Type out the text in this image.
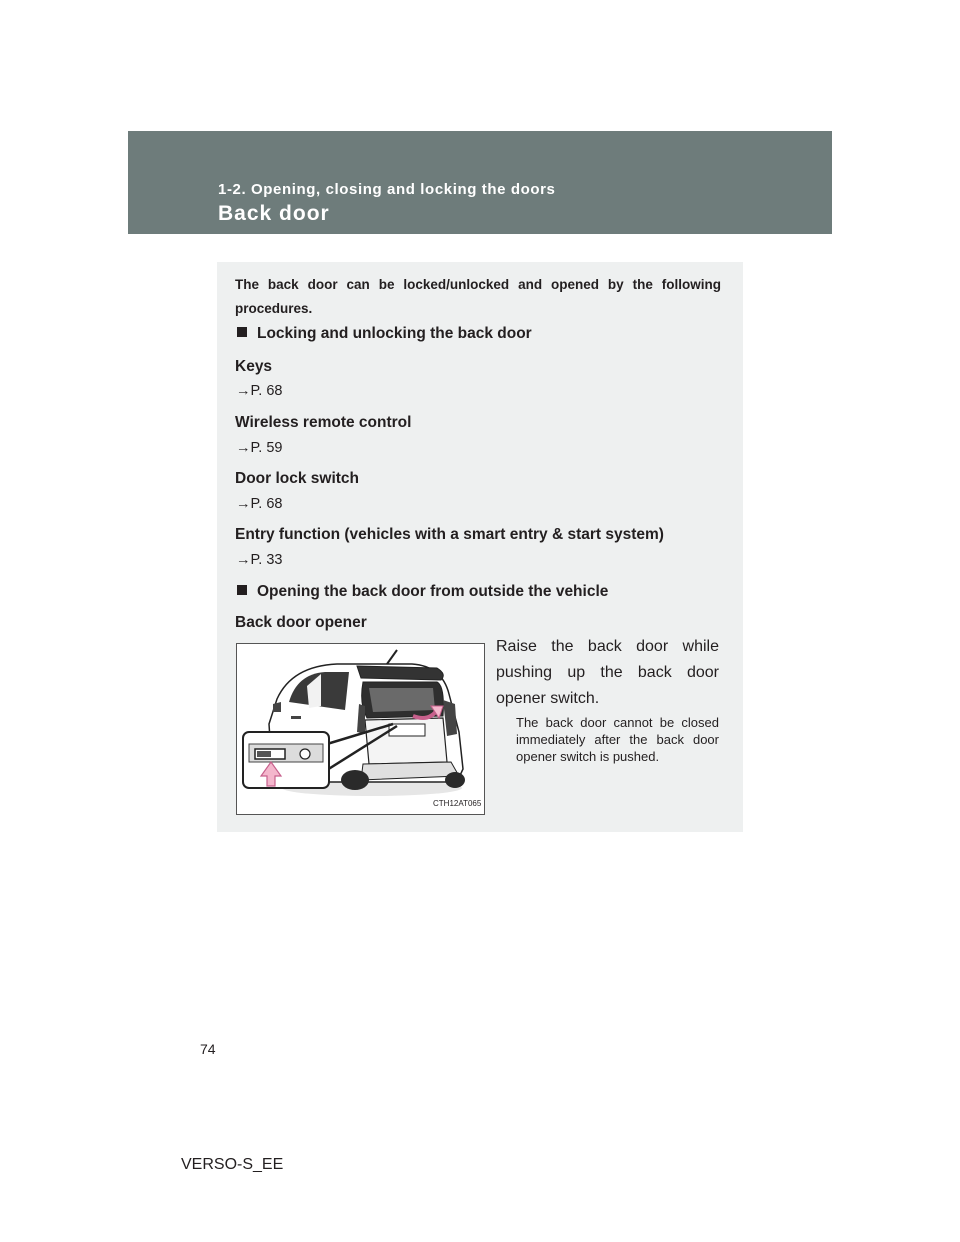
1-2. Opening, closing and locking the doors
Back door

The back door can be locked/unlocked and opened by the following procedures.

Locking and unlocking the back door
Keys
→P. 68
Wireless remote control
→P. 59
Door lock switch
→P. 68
Entry function (vehicles with a smart entry & start system)
→P. 33
Opening the back door from outside the vehicle
Back door opener
CTH12AT065

Raise the back door while pushing up the back door opener switch.

The back door cannot be closed immediately after the back door opener switch is pushed.

74
VERSO-S_EE
